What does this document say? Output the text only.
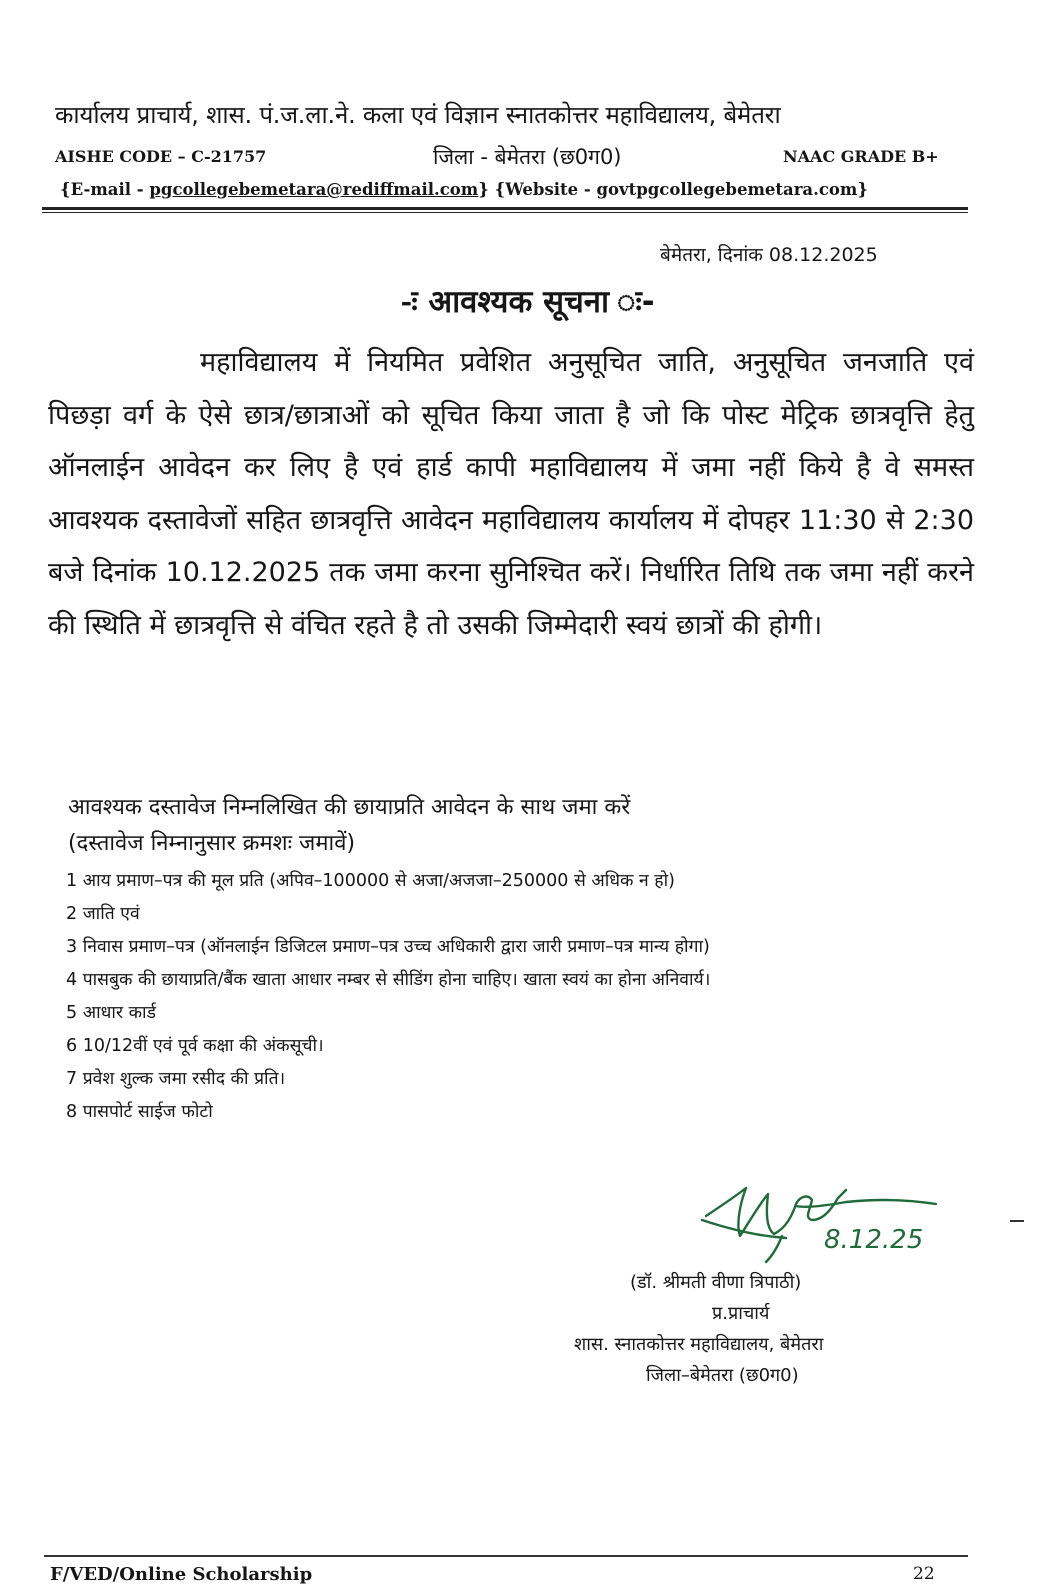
कार्यालय प्राचार्य, शास. पं.ज.ला.ने. कला एवं विज्ञान स्नातकोत्तर महाविद्यालय, बेमेतरा
AISHE CODE – C-21757	जिला - बेमेतरा (छ0ग0)	NAAC GRADE B+
{E-mail - pgcollegebemetara@rediffmail.com} {Website - govtpgcollegebemetara.com}
बेमेतरा, दिनांक 08.12.2025
-ः आवश्यक सूचना ः-
महाविद्यालय में नियमित प्रवेशित अनुसूचित जाति, अनुसूचित जनजाति एवं पिछड़ा वर्ग के ऐसे छात्र/छात्राओं को सूचित किया जाता है जो कि पोस्ट मेट्रिक छात्रवृत्ति हेतु ऑनलाईन आवेदन कर लिए है एवं हार्ड कापी महाविद्यालय में जमा नहीं किये है वे समस्त आवश्यक दस्तावेजों सहित छात्रवृत्ति आवेदन महाविद्यालय कार्यालय में दोपहर 11:30 से 2:30 बजे दिनांक 10.12.2025 तक जमा करना सुनिश्चित करें। निर्धारित तिथि तक जमा नहीं करने की स्थिति में छात्रवृत्ति से वंचित रहते है तो उसकी जिम्मेदारी स्वयं छात्रों की होगी।
आवश्यक दस्तावेज निम्नलिखित की छायाप्रति आवेदन के साथ जमा करें
(दस्तावेज निम्नानुसार क्रमशः जमावें)
1 आय प्रमाण–पत्र की मूल प्रति (अपिव–100000 से अजा/अजजा–250000 से अधिक न हो)
2 जाति एवं
3 निवास प्रमाण–पत्र (ऑनलाईन डिजिटल प्रमाण–पत्र उच्च अधिकारी द्वारा जारी प्रमाण–पत्र मान्य होगा)
4 पासबुक की छायाप्रति/बैंक खाता आधार नम्बर से सीडिंग होना चाहिए। खाता स्वयं का होना अनिवार्य।
5 आधार कार्ड
6 10/12वीं एवं पूर्व कक्षा की अंकसूची।
7 प्रवेश शुल्क जमा रसीद की प्रति।
8 पासपोर्ट साईज फोटो
8.12.25
(डॉ. श्रीमती वीणा त्रिपाठी)
प्र.प्राचार्य
शास. स्नातकोत्तर महाविद्यालय, बेमेतरा
जिला–बेमेतरा (छ0ग0)
F/VED/Online Scholarship	22
